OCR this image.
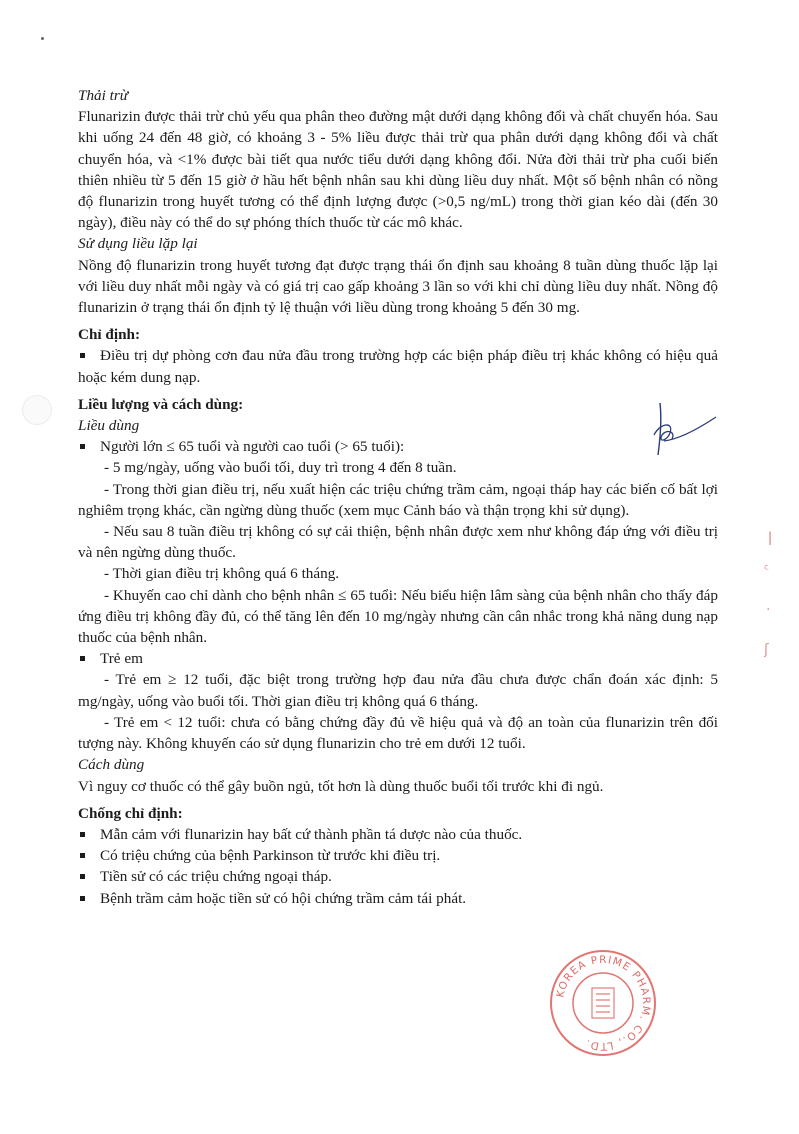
Thải trừ

Flunarizin được thải trừ chủ yếu qua phân theo đường mật dưới dạng không đổi và chất chuyển hóa. Sau khi uống 24 đến 48 giờ, có khoảng 3 - 5% liều được thải trừ qua phân dưới dạng không đổi và chất chuyển hóa, và <1% được bài tiết qua nước tiểu dưới dạng không đổi. Nửa đời thải trừ pha cuối biến thiên nhiều từ 5 đến 15 giờ ở hầu hết bệnh nhân sau khi dùng liều duy nhất. Một số bệnh nhân có nồng độ flunarizin trong huyết tương có thể định lượng được (>0,5 ng/mL) trong thời gian kéo dài (đến 30 ngày), điều này có thể do sự phóng thích thuốc từ các mô khác.

Sử dụng liều lặp lại

Nồng độ flunarizin trong huyết tương đạt được trạng thái ổn định sau khoảng 8 tuần dùng thuốc lặp lại với liều duy nhất mỗi ngày và có giá trị cao gấp khoảng 3 lần so với khi chỉ dùng liều duy nhất. Nồng độ flunarizin ở trạng thái ổn định tỷ lệ thuận với liều dùng trong khoảng 5 đến 30 mg.

Chỉ định:

Điều trị dự phòng cơn đau nửa đầu trong trường hợp các biện pháp điều trị khác không có hiệu quả hoặc kém dung nạp.

Liều lượng và cách dùng:

Liều dùng

Người lớn ≤ 65 tuổi và người cao tuổi (> 65 tuổi):

- 5 mg/ngày, uống vào buổi tối, duy trì trong 4 đến 8 tuần.

- Trong thời gian điều trị, nếu xuất hiện các triệu chứng trầm cảm, ngoại tháp hay các biến cố bất lợi nghiêm trọng khác, cần ngừng dùng thuốc (xem mục Cảnh báo và thận trọng khi sử dụng).

- Nếu sau 8 tuần điều trị không có sự cải thiện, bệnh nhân được xem như không đáp ứng với điều trị và nên ngừng dùng thuốc.

- Thời gian điều trị không quá 6 tháng.

- Khuyến cao chỉ dành cho bệnh nhân ≤ 65 tuổi: Nếu biểu hiện lâm sàng của bệnh nhân cho thấy đáp ứng điều trị không đầy đủ, có thể tăng lên đến 10 mg/ngày nhưng cần cân nhắc trong khả năng dung nạp thuốc của bệnh nhân.

Trẻ em

- Trẻ em ≥ 12 tuổi, đặc biệt trong trường hợp đau nửa đầu chưa được chẩn đoán xác định: 5 mg/ngày, uống vào buổi tối. Thời gian điều trị không quá 6 tháng.

- Trẻ em < 12 tuổi: chưa có bằng chứng đầy đủ về hiệu quả và độ an toàn của flunarizin trên đối tượng này. Không khuyến cáo sử dụng flunarizin cho trẻ em dưới 12 tuổi.

Cách dùng

Vì nguy cơ thuốc có thể gây buồn ngủ, tốt hơn là dùng thuốc buổi tối trước khi đi ngủ.

Chống chỉ định:

Mẫn cảm với flunarizin hay bất cứ thành phần tá dược nào của thuốc.

Có triệu chứng của bệnh Parkinson từ trước khi điều trị.

Tiền sử có các triệu chứng ngoại tháp.

Bệnh trầm cảm hoặc tiền sử có hội chứng trầm cảm tái phát.

KOREA PRIME PHARM. CO., LTD.
ǀ
ᶜ
·
ʃ
